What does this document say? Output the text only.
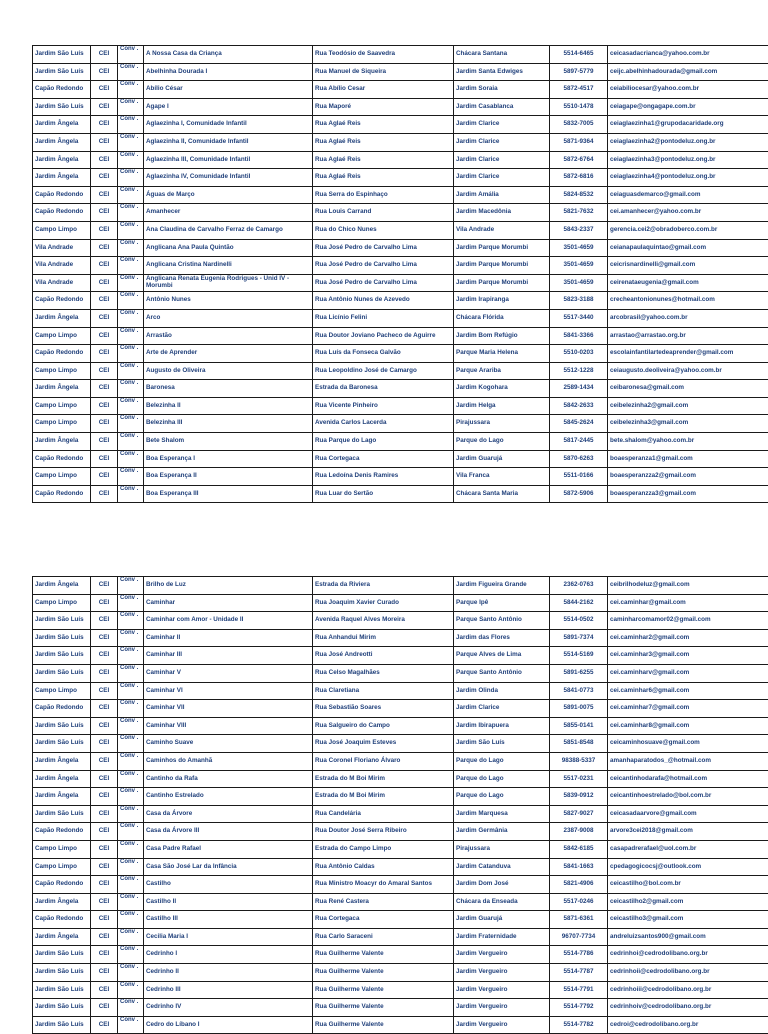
Jardim São Luís	CEI	Conv .	A Nossa Casa da Criança	Rua Teodósio de Saavedra	Chácara Santana	5514-6465	ceicasadacrianca@yahoo.com.br
Jardim São Luís	CEI	Conv .	Abelhinha Dourada I	Rua Manuel de Siqueira	Jardim Santa Edwiges	5897-5779	ceijc.abelhinhadourada@gmail.com
Capão Redondo	CEI	Conv .	Abílio César	Rua Abílio Cesar	Jardim Soraia	5872-4517	ceiabiliocesar@yahoo.com.br
Jardim São Luís	CEI	Conv .	Agape I	Rua Maporé	Jardim Casablanca	5510-1478	ceiagape@ongagape.com.br
Jardim Ângela	CEI	Conv .	Aglaezinha I, Comunidade Infantil	Rua Aglaé Reis	Jardim Clarice	5832-7005	ceiaglaezinha1@grupodacaridade.org
Jardim Ângela	CEI	Conv .	Aglaezinha II, Comunidade Infantil	Rua Aglaé Reis	Jardim Clarice	5871-9364	ceiaglaezinha2@pontodeluz.ong.br
Jardim Ângela	CEI	Conv .	Aglaezinha III, Comunidade Infantil	Rua Aglaé Reis	Jardim Clarice	5872-6764	ceiaglaezinha3@pontodeluz.ong.br
Jardim Ângela	CEI	Conv .	Aglaezinha IV, Comunidade Infantil	Rua Aglaé Reis	Jardim Clarice	5872-6816	ceiaglaezinha4@pontodeluz.ong.br
Capão Redondo	CEI	Conv .	Águas de Março	Rua Serra do Espinhaço	Jardim Amália	5824-8532	ceiaguasdemarco@gmail.com
Capão Redondo	CEI	Conv .	Amanhecer	Rua Louis Carrand	Jardim Macedônia	5821-7632	cei.amanhecer@yahoo.com.br
Campo Limpo	CEI	Conv .	Ana Claudina de Carvalho Ferraz de Camargo	Rua do Chico Nunes	Vila Andrade	5843-2337	gerencia.cei2@obradoberco.com.br
Vila Andrade	CEI	Conv .	Anglicana Ana Paula Quintão	Rua José Pedro de Carvalho Lima	Jardim Parque Morumbi	3501-4659	ceianapaulaquintao@gmail.com
Vila Andrade	CEI	Conv .	Anglicana Cristina Nardinelli	Rua José Pedro de Carvalho Lima	Jardim Parque Morumbi	3501-4659	ceicrisnardinelli@gmail.com
Vila Andrade	CEI	Conv .	Anglicana Renata Eugenia Rodrigues - Unid IV - Morumbi	Rua José Pedro de Carvalho Lima	Jardim Parque Morumbi	3501-4659	ceirenataeugenia@gmail.com
Capão Redondo	CEI	Conv .	Antônio Nunes	Rua Antônio Nunes de Azevedo	Jardim Irapiranga	5823-3188	crecheantonionunes@hotmail.com
Jardim Ângela	CEI	Conv .	Arco	Rua Licínio Felini	Chácara Flórida	5517-3440	arcobrasil@yahoo.com.br
Campo Limpo	CEI	Conv .	Arrastão	Rua Doutor Joviano Pacheco de Aguirre	Jardim Bom Refúgio	5841-3366	arrastao@arrastao.org.br
Capão Redondo	CEI	Conv .	Arte de Aprender	Rua Luís da Fonseca Galvão	Parque Maria Helena	5510-0203	escolainfantilartedeaprender@gmail.com
Campo Limpo	CEI	Conv .	Augusto de Oliveira	Rua Leopoldino José de Camargo	Parque Arariba	5512-1228	ceiaugusto.deoliveira@yahoo.com.br
Jardim Ângela	CEI	Conv .	Baronesa	Estrada da Baronesa	Jardim Kogohara	2589-1434	ceibaronesa@gmail.com
Campo Limpo	CEI	Conv .	Belezinha II	Rua Vicente Pinheiro	Jardim Helga	5842-2633	ceibelezinha2@gmail.com
Campo Limpo	CEI	Conv .	Belezinha III	Avenida Carlos Lacerda	Pirajussara	5845-2624	ceibelezinha3@gmail.com
Jardim Ângela	CEI	Conv .	Bete Shalom	Rua Parque do Lago	Parque do Lago	5817-2445	bete.shalom@yahoo.com.br
Capão Redondo	CEI	Conv .	Boa Esperança I	Rua Cortegaca	Jardim Guarujá	5870-6263	boaesperanza1@gmail.com
Campo Limpo	CEI	Conv .	Boa Esperança II	Rua Ledoína Denis Ramires	Vila Franca	5511-0166	boaesperanzza2@gmail.com
Capão Redondo	CEI	Conv .	Boa Esperança III	Rua Luar do Sertão	Chácara Santa Maria	5872-5906	boaesperanzza3@gmail.com
Jardim Ângela	CEI	Conv .	Brilho de Luz	Estrada da Riviera	Jardim Figueira Grande	2362-0763	ceibrilhodeluz@gmail.com
Campo Limpo	CEI	Conv .	Caminhar	Rua Joaquim Xavier Curado	Parque Ipê	5844-2162	cei.caminhar@gmail.com
Jardim São Luís	CEI	Conv .	Caminhar com Amor - Unidade II	Avenida Raquel Alves Moreira	Parque Santo Antônio	5514-0502	caminharcomamor02@gmail.com
Jardim São Luís	CEI	Conv .	Caminhar II	Rua Anhandui Mirim	Jardim das Flores	5891-7374	cei.caminhar2@gmail.com
Jardim São Luís	CEI	Conv .	Caminhar III	Rua José Andreotti	Parque Alves de Lima	5514-5169	cei.caminhar3@gmail.com
Jardim São Luís	CEI	Conv .	Caminhar V	Rua Celso Magalhães	Parque Santo Antônio	5891-6255	cei.caminharv@gmail.com
Campo Limpo	CEI	Conv .	Caminhar VI	Rua Claretiana	Jardim Olinda	5841-0773	cei.caminhar6@gmail.com
Capão Redondo	CEI	Conv .	Caminhar VII	Rua Sebastião Soares	Jardim Clarice	5891-0075	cei.caminhar7@gmail.com
Jardim São Luís	CEI	Conv .	Caminhar VIII	Rua Salgueiro do Campo	Jardim Ibirapuera	5855-0141	cei.caminhar8@gmail.com
Jardim São Luís	CEI	Conv .	Caminho Suave	Rua José Joaquim Esteves	Jardim São Luís	5851-8548	ceicaminhosuave@gmail.com
Jardim Ângela	CEI	Conv .	Caminhos do Amanhã	Rua Coronel Floriano Álvaro	Parque do Lago	98388-5337	amanhaparatodos_@hotmail.com
Jardim Ângela	CEI	Conv .	Cantinho da Rafa	Estrada do M Boi Mirim	Parque do Lago	5517-0231	ceicantinhodarafa@hotmail.com
Jardim Ângela	CEI	Conv .	Cantinho Estrelado	Estrada do M Boi Mirim	Parque do Lago	5839-0912	ceicantinhoestrelado@bol.com.br
Jardim São Luís	CEI	Conv .	Casa da Árvore	Rua Candelária	Jardim Marquesa	5827-9027	ceicasadaarvore@gmail.com
Capão Redondo	CEI	Conv .	Casa da Árvore III	Rua Doutor José Serra Ribeiro	Jardim Germânia	2387-9008	arvore3cei2018@gmail.com
Campo Limpo	CEI	Conv .	Casa Padre Rafael	Estrada do Campo Limpo	Pirajussara	5842-6185	casapadrerafael@uol.com.br
Campo Limpo	CEI	Conv .	Casa São José Lar da Infância	Rua Antônio Caldas	Jardim Catanduva	5841-1663	cpedagogicocsj@outlook.com
Capão Redondo	CEI	Conv .	Castilho	Rua Ministro Moacyr do Amaral Santos	Jardim Dom José	5821-4906	ceicastilho@bol.com.br
Jardim Ângela	CEI	Conv .	Castilho II	Rua René Castera	Chácara da Enseada	5517-0246	ceicastilho2@gmail.com
Capão Redondo	CEI	Conv .	Castilho III	Rua Cortegaca	Jardim Guarujá	5871-6361	ceicastilho3@gmail.com
Jardim Ângela	CEI	Conv .	Cecilia Maria I	Rua Carlo Saraceni	Jardim Fraternidade	96707-7734	andreluizsantos900@gmail.com
Jardim São Luís	CEI	Conv .	Cedrinho I	Rua Guilherme Valente	Jardim Vergueiro	5514-7786	cedrinhoi@cedrodolibano.org.br
Jardim São Luís	CEI	Conv .	Cedrinho II	Rua Guilherme Valente	Jardim Vergueiro	5514-7787	cedrinhoii@cedrodolibano.org.br
Jardim São Luís	CEI	Conv .	Cedrinho III	Rua Guilherme Valente	Jardim Vergueiro	5514-7791	cedrinhoiii@cedrodolibano.org.br
Jardim São Luís	CEI	Conv .	Cedrinho IV	Rua Guilherme Valente	Jardim Vergueiro	5514-7792	cedrinhoiv@cedrodolibano.org.br
Jardim São Luís	CEI	Conv .	Cedro do Líbano I	Rua Guilherme Valente	Jardim Vergueiro	5514-7782	cedroi@cedrodolibano.org.br
